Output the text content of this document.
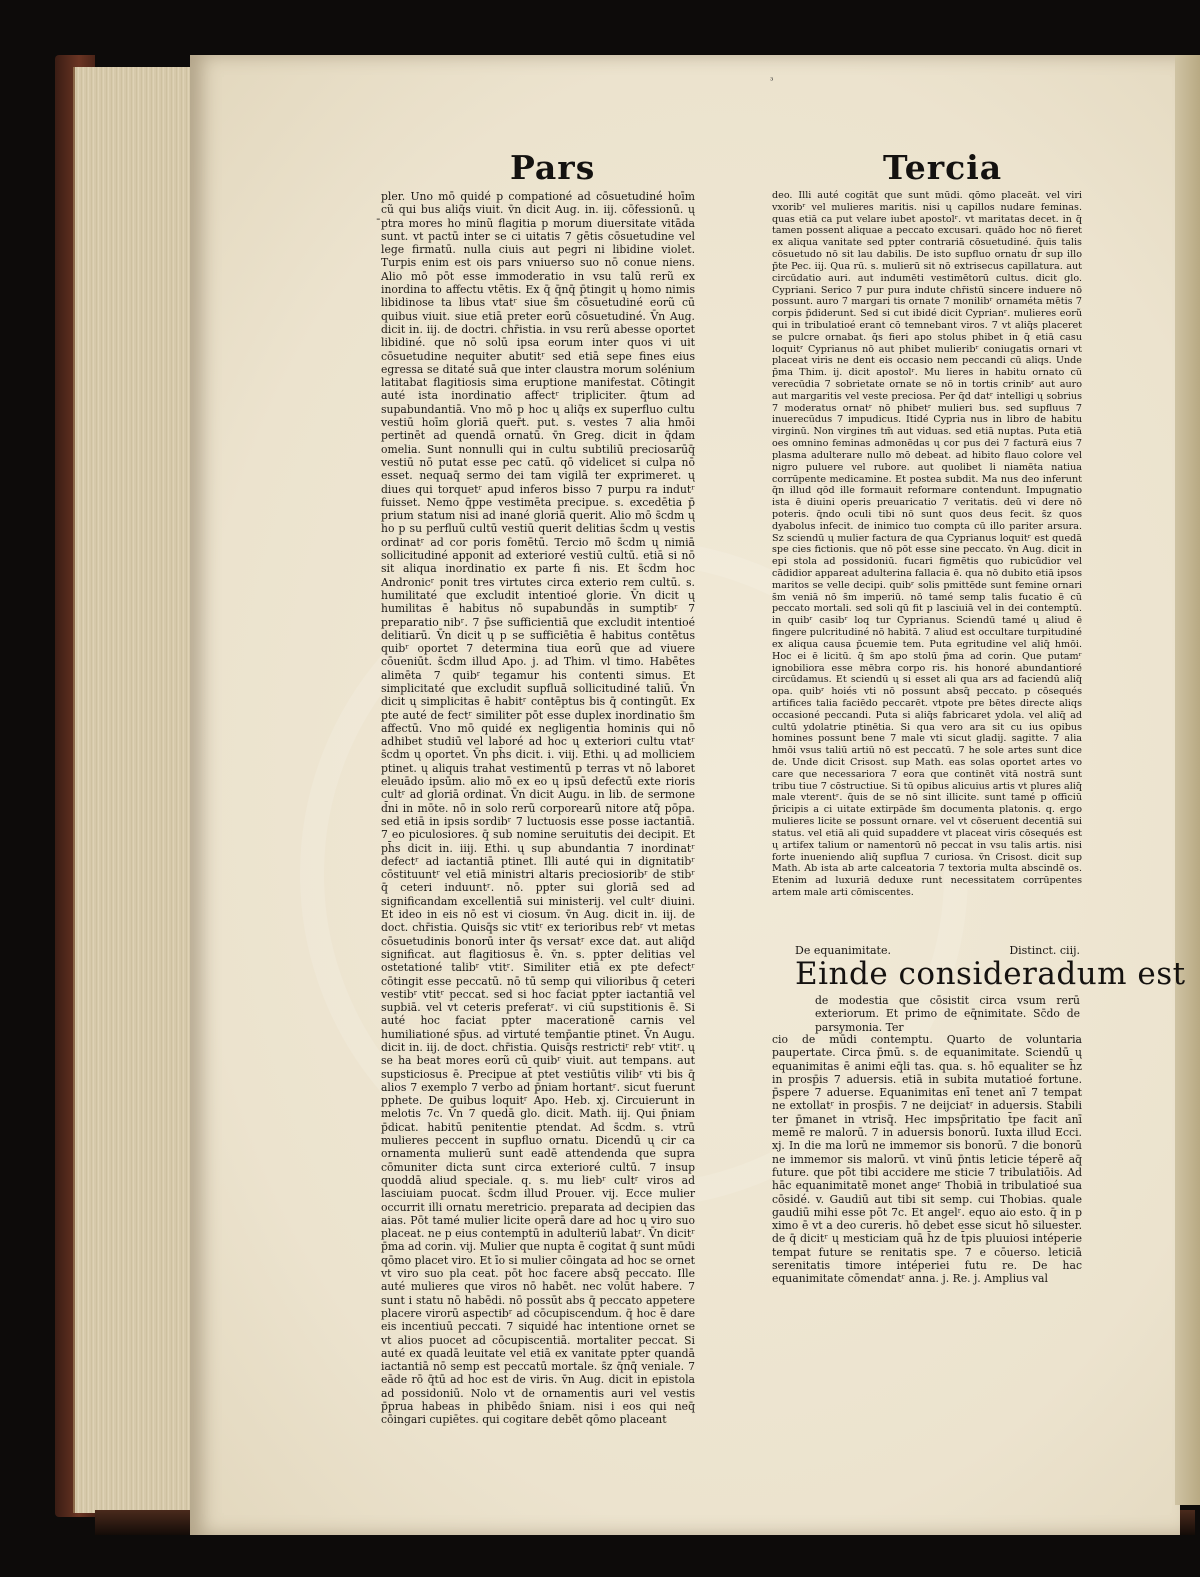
ᶟ
Pars	Tercia

pler. Uno mō quidé p compationé ad cōsuetudiné hoīm cũ qui bus aliq̄s viuit. v̄n dicit Aug. in. iij. cōfessionū. ų ̄ptra mores ho minũ flagitia p morum diuersitate vitāda sunt. vt pactū inter se ci uitatis 7 gētis cōsuetudine vel lege firmatū. nulla ciuis aut pegri ni libidine violet. Turpis enim est ois pars vniuerso suo nō conue niens. Alio mō pōt esse immoderatio in vsu talũ rerũ ex inordina to affectu vtētis. Ex q̄ q̄nq̄ p̄tingit ų homo nimis libidinose ta libus vtatʳ siue s̄m cōsuetudiné eorũ cū quibus viuit. siue etiā preter eorũ cōsuetudiné. V̄n Aug. dicit in. iij. de doctri. chr̄istia. in vsu rerũ abesse oportet libidiné. que nō solū ipsa eorum inter quos vi uit cōsuetudine nequiter abutitʳ sed etiā sepe fines eius egressa se ditaté suā que inter claustra morum solénium latitabat flagitiosis sima eruptione manifestat. Cōtingit auté ista inordinatio affectʳ tripliciter. q̄tum ad supabundantiā. Vno mō p hoc ų aliq̄s ex superfluo cultu vestiū hoīm gloriā quer̄t. put. s. vestes 7 alia hmōi pertinēt ad quendā ornatū. v̄n Greg. dicit in q̄dam omelia. Sunt nonnulli qui in cultu subtiliū preciosarūq̄ vestiū nō putat esse pec catū. qō videlicet si culpa nō esset. nequaq̄ sermo dei tam vigilā ter exprimeret. ų diues qui torquetʳ apud inferos bisso 7 purpu ra indutʳ fuisset. Nemo q̄ppe vestimēta precipue. s. excedētia p̄ prium statum nisi ad inané gloriā querit. Alio mō s̄cdm ų ho p su perfluũ cultū vestiū querit delitias s̄cdm ų vestis ordinatʳ ad cor poris fomētū. Tercio mō s̄cdm ų nimiā sollicitudiné apponit ad exterioré vestiū cultū. etiā si nō sit aliqua inordinatio ex parte fi nis. Et s̄cdm hoc Andronicʳ ponit tres virtutes circa exterio rem cultū. s. humilitaté que excludit intentioé glorie. V̄n dicit ų humilitas ē habitus nō supabundās in sumptibʳ 7 preparatio nibʳ. 7 p̄se sufficientiā que excludit intentioé delitiarū. V̄n dicit ų p se sufficiētia ē habitus contētus quibʳ oportet 7 determina tiua eorũ que ad viuere cōueniūt. s̄cdm illud Apo. j. ad Thim. vl timo. Habētes alimēta 7 quibʳ tegamur his contenti simus. Et simplicitaté que excludit supfluā sollicitudiné taliū. V̄n dicit ų simplicitas ē habitʳ contēptus bis q̄ contingūt. Ex pte auté de fectʳ similiter pōt esse duplex inordinatio s̄m affectū. Vno mō quidé ex negligentia hominis qui nō adhibet studiū vel laboré ad hoc ų exteriori cultu vtatʳ s̄cdm ų oportet. V̄n ph̄s dicit. i. viij. Ethi. ų ad molliciem ptinet. ų aliquis trahat vestimentū p terras vt nō laboret eleuādo ipsūm. alio mō ex eo ų ipsū defectū exte rioris cultʳ ad gloriā ordinat. V̄n dicit Augu. in lib. de sermone d̄ni in mōte. nō in solo rerũ corporearũ nitore atq̄ pōpa. sed etiā in ipsis sordibʳ 7 luctuosis esse posse iactantiā. 7 eo piculosiores. q̄ sub nomine seruitutis dei decipit. Et ph̄s dicit in. iiij. Ethi. ų sup abundantia 7 inordinatʳ defectʳ ad iactantiā ptinet. Illi auté qui in dignitatibʳ cōstituuntʳ vel etiā ministri altaris preciosioribʳ de stibʳ q̄ ceteri induuntʳ. nō. ppter sui gloriā sed ad significandam excellentiā sui ministerij. vel cultʳ diuini. Et ideo in eis nō est vi ciosum. v̄n Aug. dicit in. iij. de doct. chr̄istia. Quisq̄s sic vtitʳ ex terioribus rebʳ vt metas cōsuetudinis bonorū inter q̄s versatʳ exce dat. aut aliq̄d significat. aut flagitiosus ē. v̄n. s. ppter delitias vel ostetationé talibʳ vtitʳ. Similiter etiā ex pte defectʳ cōtingit esse peccatū. nō tū semp qui vilioribus q̄ ceteri vestibʳ vtitʳ peccat. sed si hoc faciat ppter iactantiā vel supbiā. vel vt ceteris preferatʳ. vi ciū supstitionis ē. Si auté hoc faciat ppter macerationē carnis vel humiliationé sp̄us. ad virtuté temp̄antie ptinet. V̄n Augu. dicit in. iij. de doct. chr̄istia. Quisq̄s restrictiʳ rebʳ vtitʳ. ų se ha beat mores eorũ cū quibʳ viuit. aut tempans. aut supsticiosus ē. Precipue at̄ ptet vestiūtis vilibʳ vti bis q̄ alios 7 exemplo 7 verbo ad p̄niam hortantʳ. sicut fuerunt pphete. De quibus loquitʳ Apo. Heb. xj. Circuierunt in melotis 7c. V̄n 7 quedā glo. dicit. Math. iij. Qui p̄niam p̄dicat. habitū penitentie ptendat. Ad s̄cdm. s. vtrū mulieres peccent in supfluo ornatu. Dicendū ų cir ca ornamenta mulierū sunt eadē attendenda que supra cōmuniter dicta sunt circa exterioré cultū. 7 insup quoddā aliud speciale. q. s. mu liebʳ cultʳ viros ad lasciuiam puocat. s̄cdm illud Prouer. vij. Ecce mulier occurrit illi ornatu meretricio. preparata ad decipien das aias. Pōt tamé mulier licite operā dare ad hoc ų viro suo placeat. ne p eius contemptū in adulteriū labatʳ. V̄n dicitʳ p̄ma ad corin. vij. Mulier que nupta ē cogitat q̄ sunt mūdi qōmo placet viro. Et īo si mulier cōingata ad hoc se ornet vt viro suo pla ceat. pōt hoc facere absq̄ peccato. Ille auté mulieres que viros nō habēt. nec volūt habere. 7 sunt i statu nō habēdi. nō possūt abs q̄ peccato appetere placere virorū aspectibʳ ad cōcupiscendum. q̄ hoc ē dare eis incentiuū peccati. 7 siquidé hac intentione ornet se vt alios puocet ad cōcupiscentiā. mortaliter peccat. Si auté ex quadā leuitate vel etiā ex vanitate ppter quandā iactantiā nō semp est peccatū mortale. s̄z q̄nq̄ veniale. 7 eāde rō q̄tū ad hoc est de viris. v̄n Aug. dicit in epistola ad possidoniū. Nolo vt de ornamentis auri vel vestis p̄prua habeas in phibēdo s̄niam. nisi i eos qui neq̄ cōingari cupiētes. qui cogitare debēt qōmo placeant

deo. Illi auté cogitāt que sunt mūdi. qōmo placeāt. vel viri vxoribʳ vel mulieres maritis. nisi ų capillos nudare feminas. quas etiā ca put velare iubet apostolʳ. vt maritatas decet. in q̄ tamen possent aliquae a peccato excusari. quādo hoc nō fieret ex aliqua vanitate sed ppter contrariā cōsuetudiné. q̄uis talis cōsuetudo nō sit lau dabilis. De isto supfluo ornatu d̄r sup illo p̄te Pec. iij. Qua rū. s. mulierū sit nō extrisecus capillatura. aut circūdatio auri. aut indumēti vestimētorū cultus. dicit glo. Cypriani. Serico 7 pur pura indute chr̄istū sincere induere nō possunt. auro 7 margari tis ornate 7 monilibʳ ornaméta mētis 7 corpis p̄diderunt. Sed si cut ibidé dicit Cyprianʳ. mulieres eorũ qui in tribulatioé erant cō temnebant viros. 7 vt aliq̄s placeret se pulcre ornabat. q̄s fieri apo stolus phibet in q̄ etiā casu loquitʳ Cyprianus nō aut phibet mulieribʳ coniugatis ornari vt placeat viris ne dent eis occasio nem peccandi cū aliqs. Unde p̄ma Thim. ij. dicit apostolʳ. Mu lieres in habitu ornato cū verecūdia 7 sobrietate ornate se nō in tortis crinibʳ aut auro aut margaritis vel veste preciosa. Per q̄d datʳ intelligi ų sobrius 7 moderatus ornatʳ nō phibetʳ mulieri bus. sed supfluus 7 inuerecūdus 7 impudicus. Itidé Cypria nus in libro de habitu virginū. Non virgines tm̄ aut viduas. sed etiā nuptas. Puta etiā oes omnino feminas admonēdas ų cor pus dei 7 facturā eius 7 plasma adulterare nullo mō debeat. ad hibito flauo colore vel nigro puluere vel rubore. aut quolibet li niamēta natiua corrūpente medicamine. Et postea subdit. Ma nus deo inferunt q̄n illud qōd ille formauit reformare contendunt. Impugnatio ista ē diuini operis preuaricatio 7 veritatis. deū vi dere nō poteris. q̄ndo oculi tibi nō sunt quos deus fecit. s̄z quos dyabolus infecit. de inimico tuo compta cū illo pariter arsura. Sz sciendū ų mulier factura de qua Cyprianus loquitʳ est quedā spe cies fictionis. que nō pōt esse sine peccato. v̄n Aug. dicit in epi stola ad possidoniū. fucari figmētis quo rubicūdior vel cādidior appareat adulterina fallacia ē. qua nō dubito etiā ipsos maritos se velle decipi. quibʳ solis pmittēde sunt femine ornari s̄m veniā nō s̄m imperiū. nō tamé semp talis fucatio ē cū peccato mortali. sed soli qū fit p lasciuiā vel in dei contemptū. in quibʳ casibʳ loq tur Cyprianus. Sciendū tamé ų aliud ē fingere pulcritudiné nō habitā. 7 aliud est occultare turpitudiné ex aliqua causa p̄cuemie tem. Puta egritudine vel aliq̄ hmōi. Hoc ei ē licitū. q̄ s̄m apo stolū p̄ma ad corin. Que putamʳ ignobiliora esse mēbra corpo ris. his honoré abundantioré circūdamus. Et sciendū ų si esset ali qua ars ad faciendū aliq̄ opa. quibʳ hoiés vti nō possunt absq̄ peccato. p cōsequés artifices talia faciēdo peccarēt. vtpote pre bētes directe aliqs occasioné peccandi. Puta si aliq̄s fabricaret ydola. vel aliq̄ ad cultū ydolatrie ptinētia. Si qua vero ara sit cu ius opibus homines possunt bene 7 male vti sicut gladij. sagitte. 7 alia hmōi vsus taliū artiū nō est peccatū. 7 he sole artes sunt dice de. Unde dicit Crisost. sup Math. eas solas oportet artes vo care que necessariora 7 eora que continēt vitā nostrā sunt tribu tiue 7 cōstructiue. Si tū opibus alicuius artis vt plures aliq̄ male vterentʳ. q̄uis de se nō sint illicite. sunt tamé p officiū p̄ricipis a ci uitate extirpāde s̄m documenta platonis. q. ergo mulieres licite se possunt ornare. vel vt cōseruent decentiā sui status. vel etiā ali quid supaddere vt placeat viris cōsequés est ų artifex talium or namentorū nō peccat in vsu talis artis. nisi forte inueniendo aliq̄ supflua 7 curiosa. v̄n Crisost. dicit sup Math. Ab ista ab arte calceatoria 7 textoria multa abscindē os. Etenim ad luxuriā deduxe runt necessitatem corrūpentes artem male arti cōmiscentes.

De equanimitate.	Distinct. ciij.
Einde consideradum est
de modestia que cōsistit circa vsum rerū exteriorum. Et primo de eq̄nimitate. Sc̄do de parsymonia. Ter
cio de mūdi contemptu. Quarto de voluntaria paupertate. Circa p̄mū. s. de equanimitate. Sciendū ų equanimitas ē animi eq̄li tas. qua. s. hō equaliter se h̄z in prosp̄is 7 aduersis. etiā in subita mutatioé fortune. p̄spere 7 aduerse. Equanimitas enī tenet anī 7 tempat ne extollatʳ in prosp̄is. 7 ne deijciatʳ in aduersis. Stabili ter p̄manet in vtrisq̄. Hec impsp̄ritatio t̄pe facit anī memē re malorū. 7 in aduersis bonorū. Iuxta illud Ecci. xj. In die ma lorū ne immemor sis bonorū. 7 die bonorū ne immemor sis malorū. vt vinū p̄ntis leticie téperē aq̄ future. que pōt tibi accidere me sticie 7 tribulatiōis. Ad hāc equanimitatē monet angeʳ Thobiā in tribulatioé sua cōsidé. v. Gaudiū aut tibi sit semp. cui Thobias. quale gaudiū mihi esse pōt 7c. Et angelʳ. equo aio esto. q̄ in p ximo ē vt a deo cureris. hō debet esse sicut hō siluester. de q̄ dicitʳ ų mesticiam quā h̄z de t̄pis pluuiosi intéperie tempat future se renitatis spe. 7 e cōuerso. leticiā serenitatis timore intéperiei futu re. De hac equanimitate cōmendatʳ anna. j. Re. j. Amplius val
